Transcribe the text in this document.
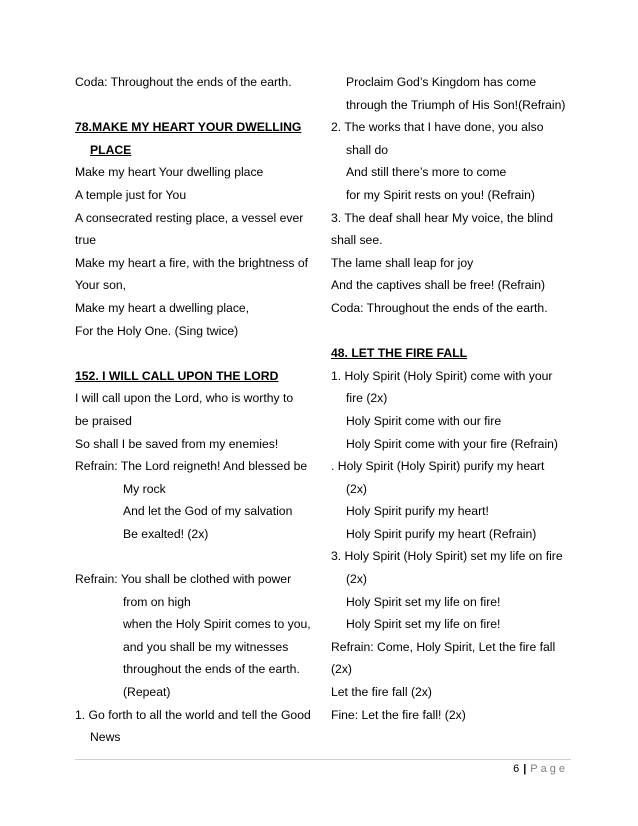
Coda: Throughout the ends of the earth.
78.MAKE MY HEART YOUR DWELLING
PLACE
Make my heart Your dwelling place
A temple just for You
A consecrated resting place, a vessel ever
true
Make my heart a fire, with the brightness of
Your son,
Make my heart a dwelling place,
For the Holy One. (Sing twice)
152. I WILL CALL UPON THE LORD
I will call upon the Lord, who is worthy to
be praised
So shall I be saved from my enemies!
Refrain: The Lord reigneth! And blessed be
My rock
And let the God of my salvation
Be exalted! (2x)
Refrain: You shall be clothed with power
from on high
when the Holy Spirit comes to you,
and you shall be my witnesses
throughout the ends of the earth.
(Repeat)
1. Go forth to all the world and tell the Good
News
Proclaim God’s Kingdom has come
through the Triumph of His Son!(Refrain)
2. The works that I have done, you also
shall do
And still there’s more to come
for my Spirit rests on you! (Refrain)
3. The deaf shall hear My voice, the blind
shall see.
The lame shall leap for joy
And the captives shall be free! (Refrain)
Coda: Throughout the ends of the earth.
48. LET THE FIRE FALL
1. Holy Spirit (Holy Spirit) come with your
fire (2x)
Holy Spirit come with our fire
Holy Spirit come with your fire (Refrain)
. Holy Spirit (Holy Spirit) purify my heart
(2x)
Holy Spirit purify my heart!
Holy Spirit purify my heart (Refrain)
3. Holy Spirit (Holy Spirit) set my life on fire
(2x)
Holy Spirit set my life on fire!
Holy Spirit set my life on fire!
Refrain: Come, Holy Spirit, Let the fire fall
(2x)
Let the fire fall (2x)
Fine: Let the fire fall! (2x)
6 | Page
